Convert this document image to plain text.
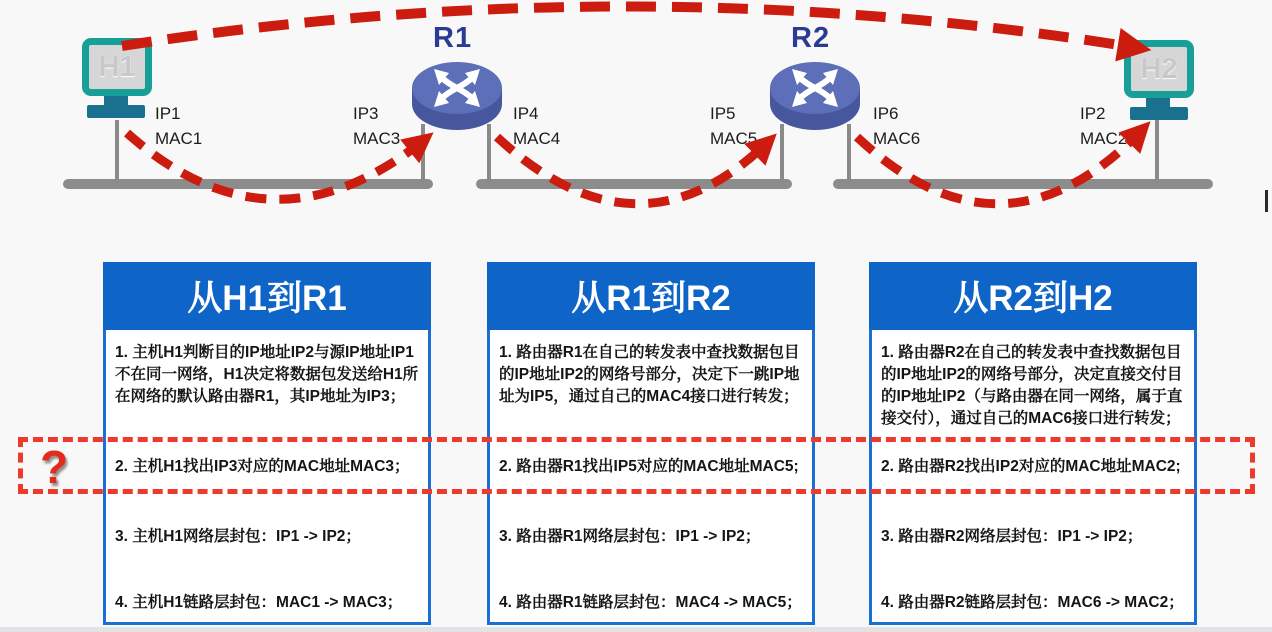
H1	H2
R1	R2
IP1
MAC1
IP3
MAC3
IP4
MAC4
IP5
MAC5
IP6
MAC6
IP2
MAC2
从H1到R1
1. 主机H1判断目的IP地址IP2与源IP地址IP1不在同一网络，H1决定将数据包发送给H1所在网络的默认路由器R1，其IP地址为IP3；
2. 主机H1找出IP3对应的MAC地址MAC3；
3. 主机H1网络层封包：IP1 -> IP2；
4. 主机H1链路层封包：MAC1 -> MAC3；
从R1到R2
1. 路由器R1在自己的转发表中查找数据包目的IP地址IP2的网络号部分，决定下一跳IP地址为IP5，通过自己的MAC4接口进行转发；
2. 路由器R1找出IP5对应的MAC地址MAC5;
3. 路由器R1网络层封包：IP1 -> IP2；
4. 路由器R1链路层封包：MAC4 -> MAC5；
从R2到H2
1. 路由器R2在自己的转发表中查找数据包目的IP地址IP2的网络号部分，决定直接交付目的IP地址IP2（与路由器在同一网络，属于直接交付），通过自己的MAC6接口进行转发；
2. 路由器R2找出IP2对应的MAC地址MAC2;
3. 路由器R2网络层封包：IP1 -> IP2；
4. 路由器R2链路层封包：MAC6 -> MAC2；
?
